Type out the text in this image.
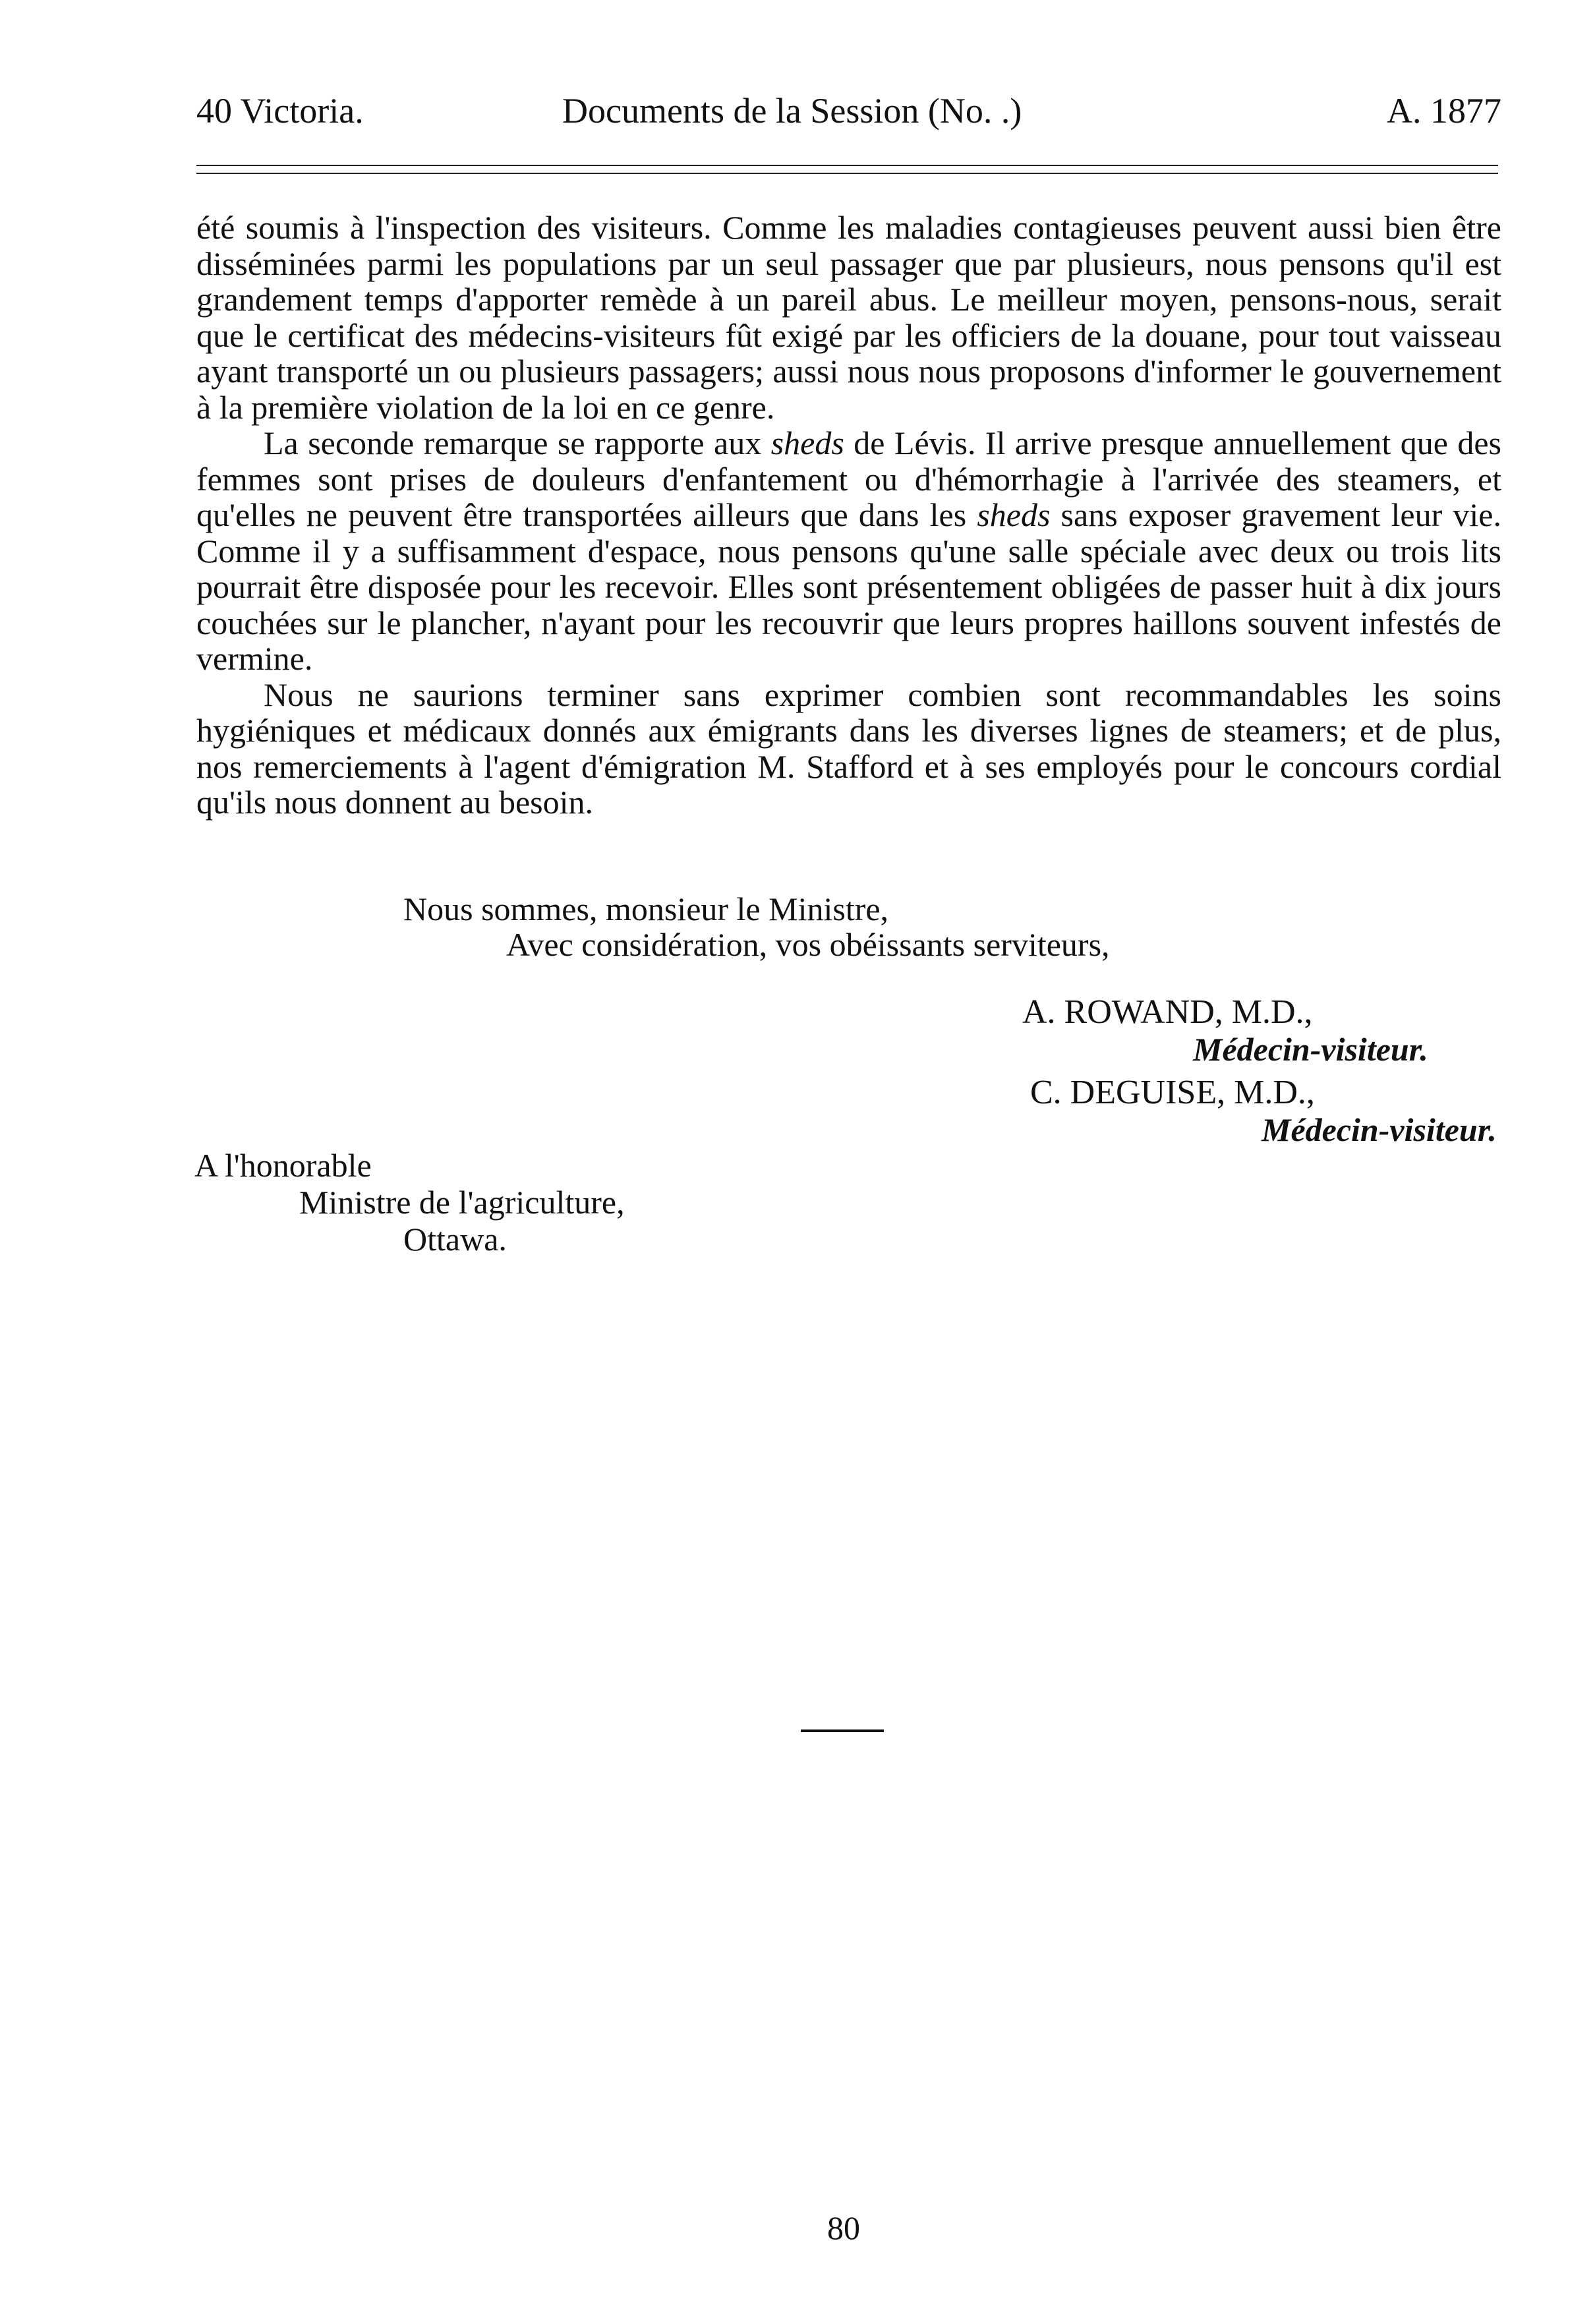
40 Victoria.	Documents de la Session (No. .)	A. 1877

été soumis à l'inspection des visiteurs. Comme les maladies contagieuses peuvent aussi bien être disséminées parmi les populations par un seul passager que par plusieurs, nous pensons qu'il est grandement temps d'apporter remède à un pareil abus. Le meilleur moyen, pensons-nous, serait que le certificat des médecins-visiteurs fût exigé par les officiers de la douane, pour tout vaisseau ayant transporté un ou plusieurs passagers; aussi nous nous proposons d'informer le gouvernement à la première violation de la loi en ce genre.

La seconde remarque se rapporte aux sheds de Lévis. Il arrive presque annuellement que des femmes sont prises de douleurs d'enfantement ou d'hémorrhagie à l'arrivée des steamers, et qu'elles ne peuvent être transportées ailleurs que dans les sheds sans exposer gravement leur vie. Comme il y a suffisamment d'espace, nous pensons qu'une salle spéciale avec deux ou trois lits pourrait être disposée pour les recevoir. Elles sont présentement obligées de passer huit à dix jours couchées sur le plancher, n'ayant pour les recouvrir que leurs propres haillons souvent infestés de vermine.

Nous ne saurions terminer sans exprimer combien sont recommandables les soins hygiéniques et médicaux donnés aux émigrants dans les diverses lignes de steamers; et de plus, nos remerciements à l'agent d'émigration M. Stafford et à ses employés pour le concours cordial qu'ils nous donnent au besoin.

Nous sommes, monsieur le Ministre,
Avec considération, vos obéissants serviteurs,
A. ROWAND, M.D.,
Médecin-visiteur.
C. DEGUISE, M.D.,
Médecin-visiteur.
A l'honorable
Ministre de l'agriculture,
Ottawa.
80
